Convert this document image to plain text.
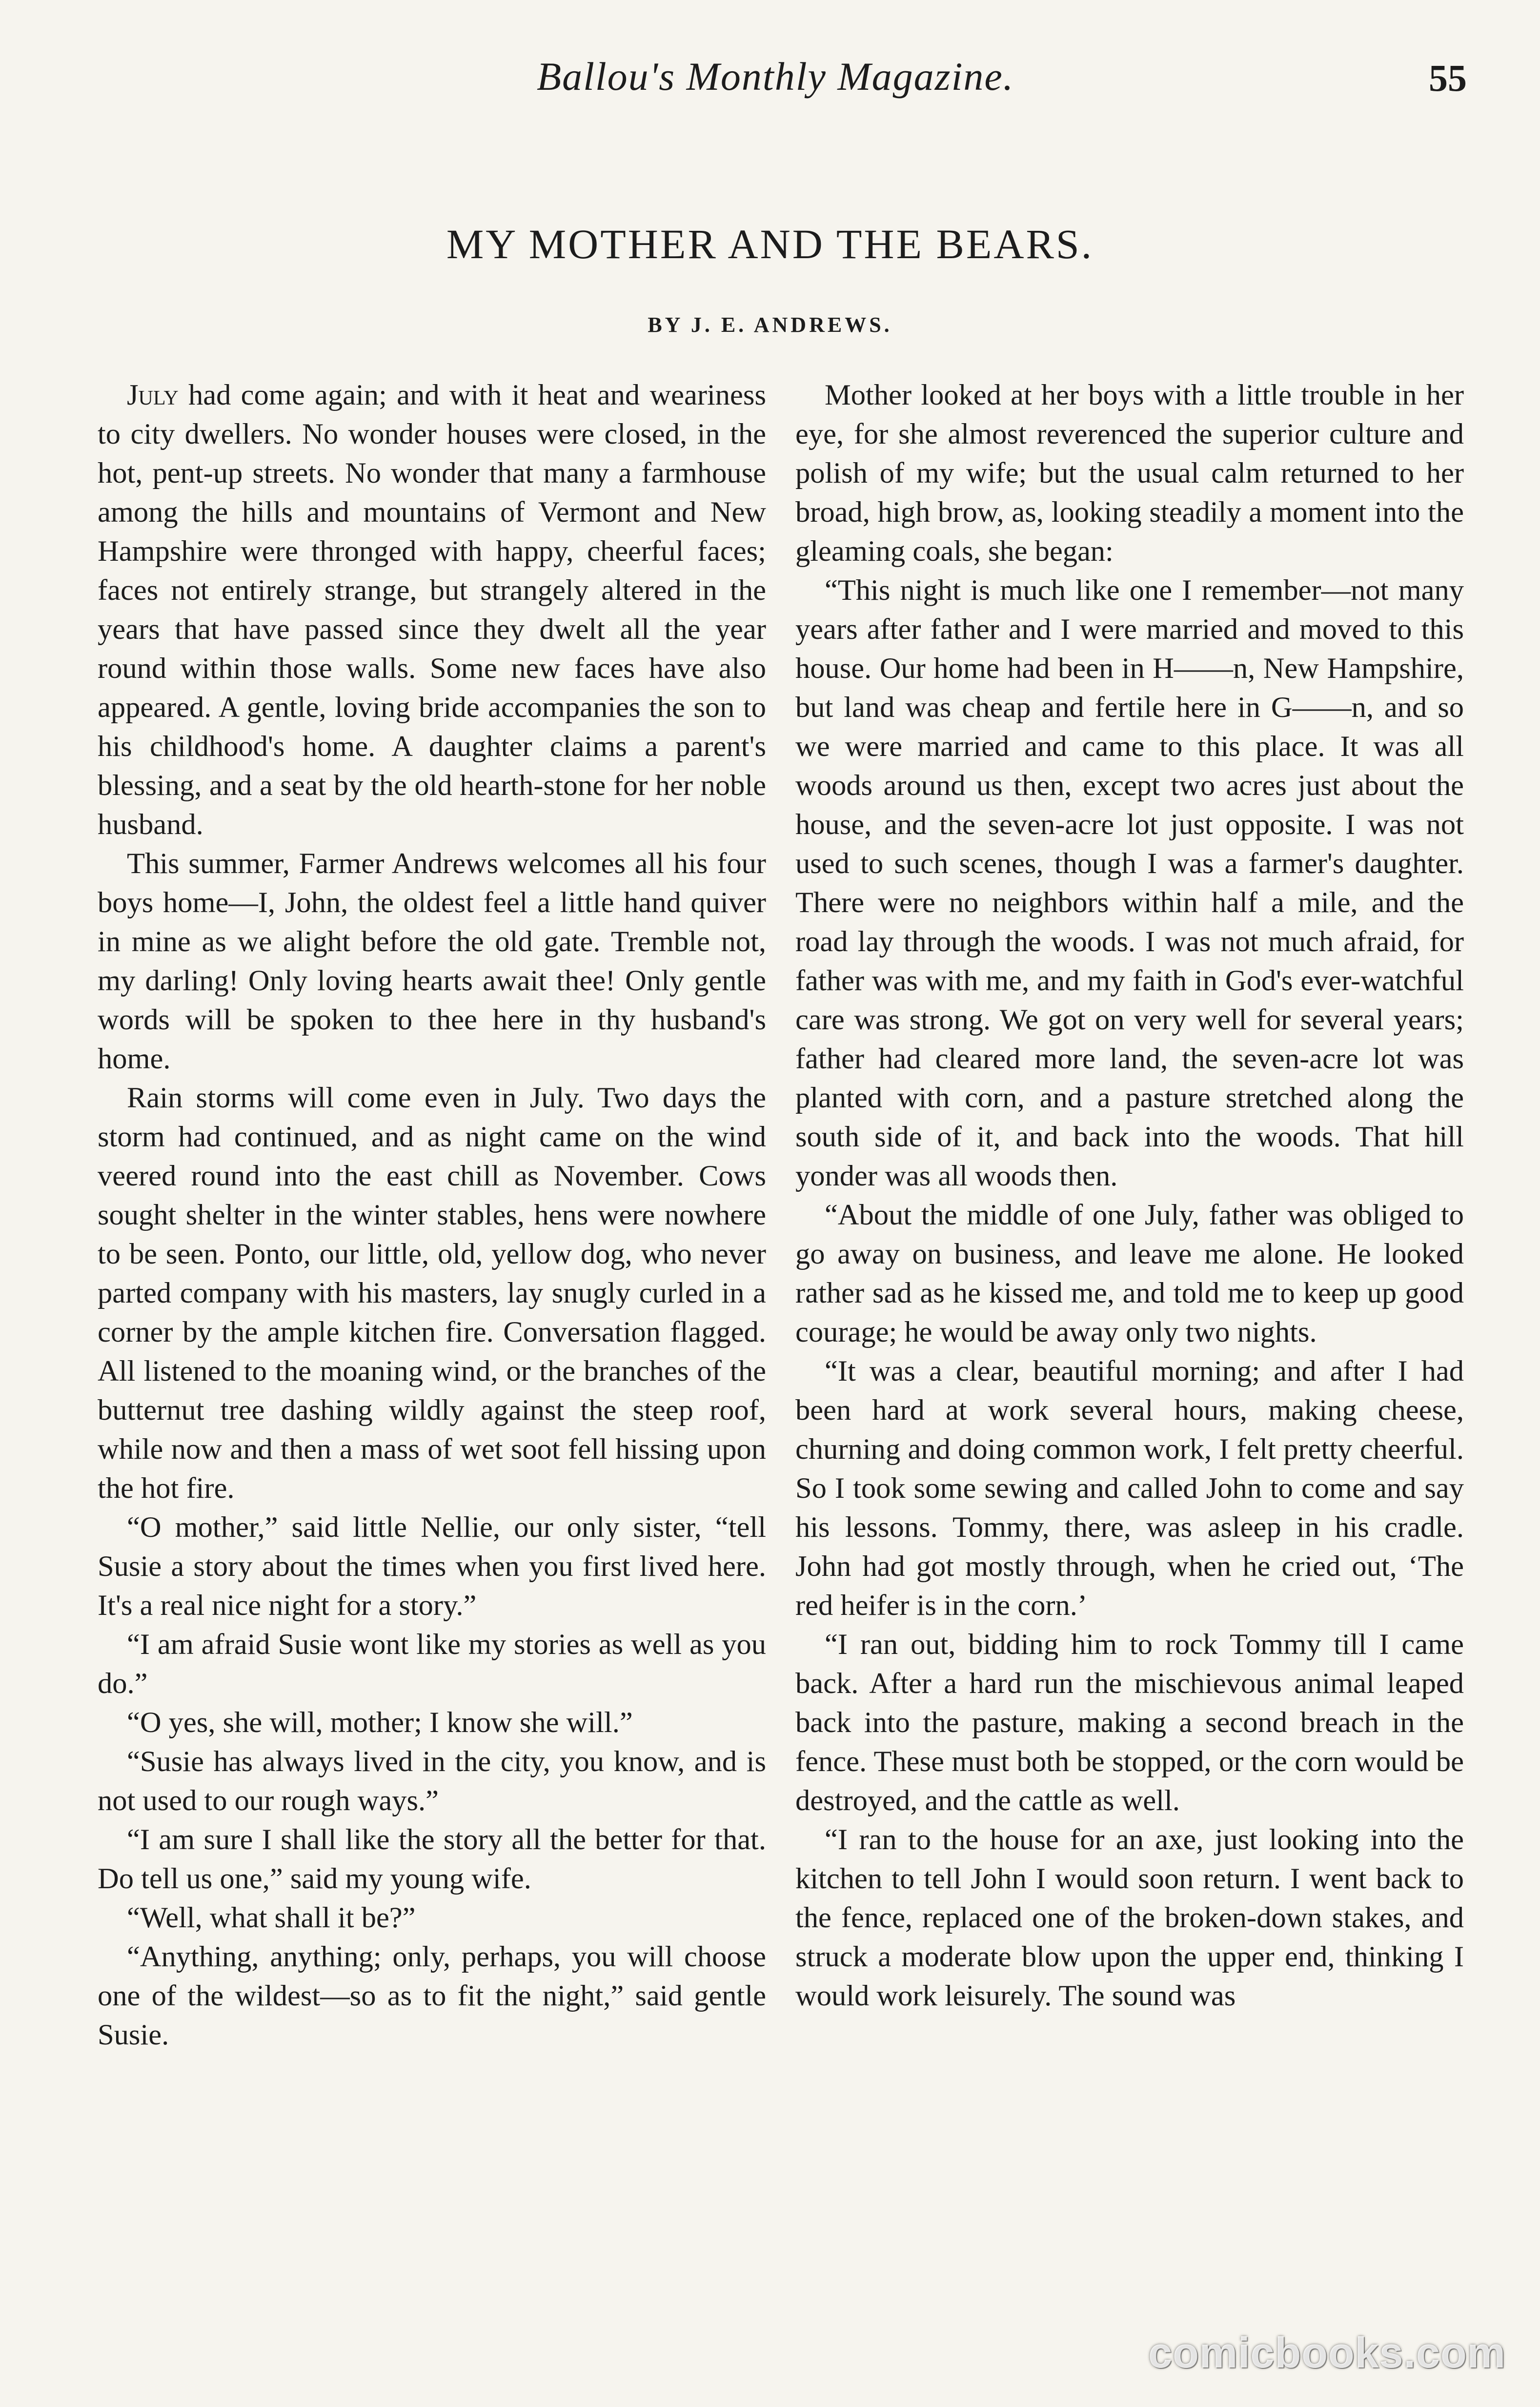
Ballou's Monthly Magazine.	55
MY MOTHER AND THE BEARS.
BY J. E. ANDREWS.

July had come again; and with it heat and weariness to city dwellers. No wonder houses were closed, in the hot, pent-up streets. No wonder that many a farmhouse among the hills and mountains of Vermont and New Hampshire were thronged with happy, cheerful faces; faces not entirely strange, but strangely altered in the years that have passed since they dwelt all the year round within those walls. Some new faces have also appeared. A gentle, loving bride accompanies the son to his childhood's home. A daughter claims a parent's blessing, and a seat by the old hearth-stone for her noble husband.

This summer, Farmer Andrews welcomes all his four boys home—I, John, the oldest feel a little hand quiver in mine as we alight before the old gate. Tremble not, my darling! Only loving hearts await thee! Only gentle words will be spoken to thee here in thy husband's home.

Rain storms will come even in July. Two days the storm had continued, and as night came on the wind veered round into the east chill as November. Cows sought shelter in the winter stables, hens were nowhere to be seen. Ponto, our little, old, yellow dog, who never parted company with his masters, lay snugly curled in a corner by the ample kitchen fire. Conversation flagged. All listened to the moaning wind, or the branches of the butternut tree dashing wildly against the steep roof, while now and then a mass of wet soot fell hissing upon the hot fire.

“O mother,” said little Nellie, our only sister, “tell Susie a story about the times when you first lived here. It's a real nice night for a story.”

“I am afraid Susie wont like my stories as well as you do.”

“O yes, she will, mother; I know she will.”

“Susie has always lived in the city, you know, and is not used to our rough ways.”

“I am sure I shall like the story all the better for that. Do tell us one,” said my young wife.

“Well, what shall it be?”

“Anything, anything; only, perhaps, you will choose one of the wildest—so as to fit the night,” said gentle Susie.

Mother looked at her boys with a little trouble in her eye, for she almost reverenced the superior culture and polish of my wife; but the usual calm returned to her broad, high brow, as, looking steadily a moment into the gleaming coals, she began:

“This night is much like one I remember—not many years after father and I were married and moved to this house. Our home had been in H——n, New Hampshire, but land was cheap and fertile here in G——n, and so we were married and came to this place. It was all woods around us then, except two acres just about the house, and the seven-acre lot just opposite. I was not used to such scenes, though I was a farmer's daughter. There were no neighbors within half a mile, and the road lay through the woods. I was not much afraid, for father was with me, and my faith in God's ever-watchful care was strong. We got on very well for several years; father had cleared more land, the seven-acre lot was planted with corn, and a pasture stretched along the south side of it, and back into the woods. That hill yonder was all woods then.

“About the middle of one July, father was obliged to go away on business, and leave me alone. He looked rather sad as he kissed me, and told me to keep up good courage; he would be away only two nights.

“It was a clear, beautiful morning; and after I had been hard at work several hours, making cheese, churning and doing common work, I felt pretty cheerful. So I took some sewing and called John to come and say his lessons. Tommy, there, was asleep in his cradle. John had got mostly through, when he cried out, ‘The red heifer is in the corn.’

“I ran out, bidding him to rock Tommy till I came back. After a hard run the mischievous animal leaped back into the pasture, making a second breach in the fence. These must both be stopped, or the corn would be destroyed, and the cattle as well.

“I ran to the house for an axe, just looking into the kitchen to tell John I would soon return. I went back to the fence, replaced one of the broken-down stakes, and struck a moderate blow upon the upper end, thinking I would work leisurely. The sound was

comicbooks.com
